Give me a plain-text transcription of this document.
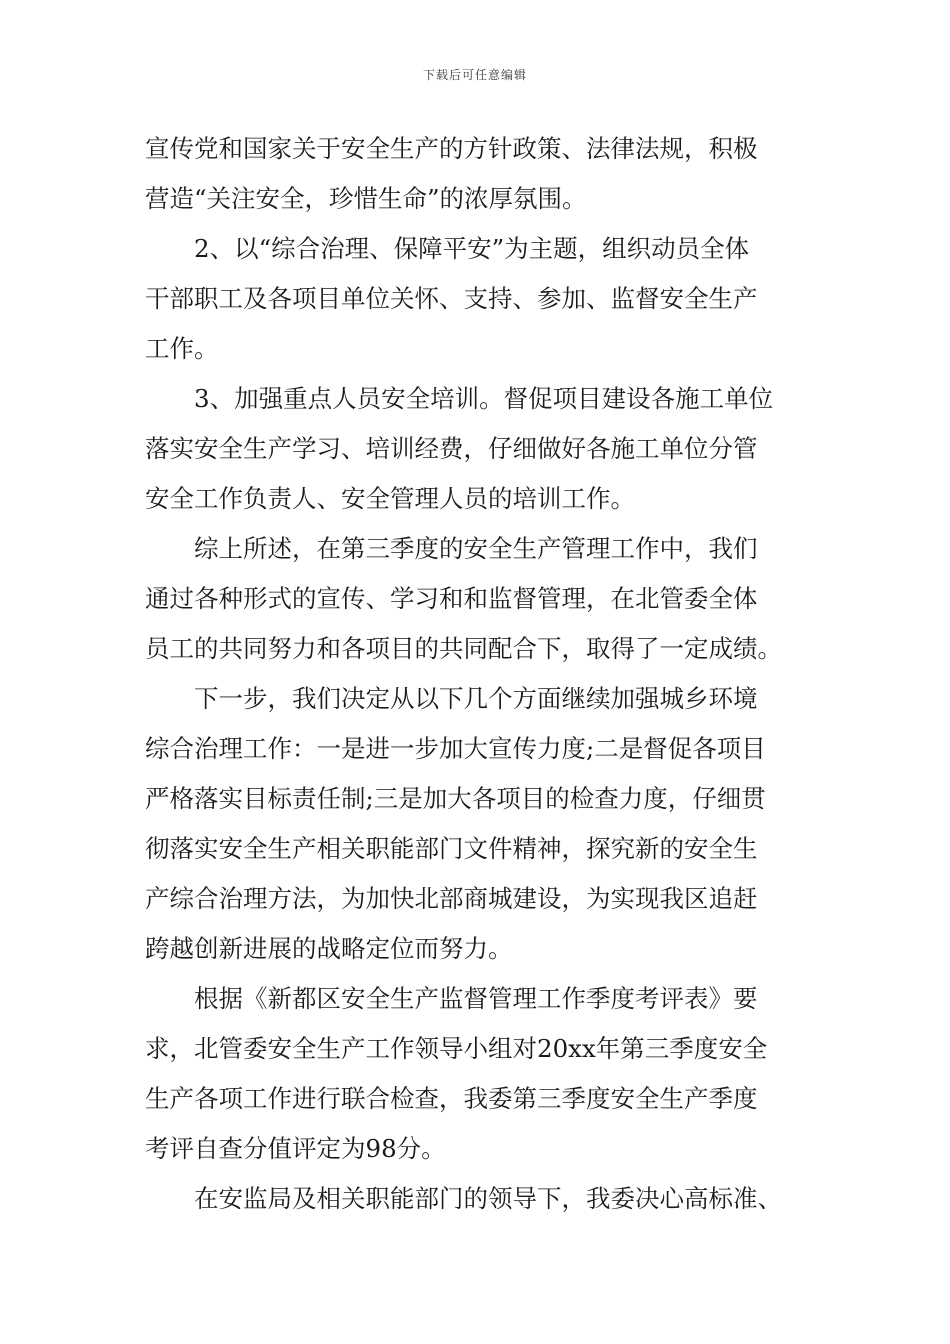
下载后可任意编辑
宣传党和国家关于安全生产的方针政策、法律法规，积极
营造“关注安全，珍惜生命”的浓厚氛围。
2、以“综合治理、保障平安”为主题，组织动员全体
干部职工及各项目单位关怀、支持、参加、监督安全生产
工作。
3、加强重点人员安全培训。督促项目建设各施工单位
落实安全生产学习、培训经费，仔细做好各施工单位分管
安全工作负责人、安全管理人员的培训工作。
综上所述，在第三季度的安全生产管理工作中，我们
通过各种形式的宣传、学习和和监督管理，在北管委全体
员工的共同努力和各项目的共同配合下，取得了一定成绩。
下一步，我们决定从以下几个方面继续加强城乡环境
综合治理工作：一是进一步加大宣传力度;二是督促各项目
严格落实目标责任制;三是加大各项目的检查力度，仔细贯
彻落实安全生产相关职能部门文件精神，探究新的安全生
产综合治理方法，为加快北部商城建设，为实现我区追赶
跨越创新进展的战略定位而努力。
根据《新都区安全生产监督管理工作季度考评表》要
求，北管委安全生产工作领导小组对20xx年第三季度安全
生产各项工作进行联合检查，我委第三季度安全生产季度
考评自查分值评定为98分。
在安监局及相关职能部门的领导下，我委决心高标准、
